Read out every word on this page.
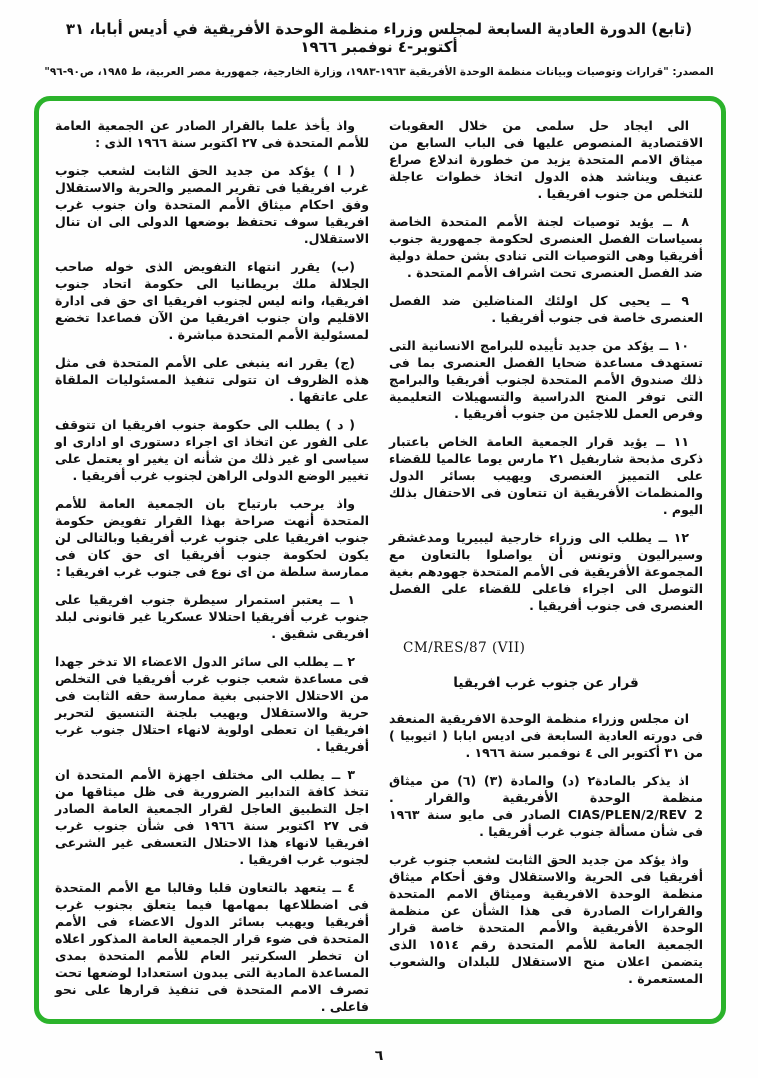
(تابع) الدورة العادية السابعة لمجلس وزراء منظمة الوحدة الأفريقية في أديس أبابا، ٣١ أكتوبر-٤ نوفمبر ١٩٦٦
المصدر: "قرارات وتوصيات وبيانات منظمة الوحدة الأفريقية ١٩٦٣-١٩٨٣، وزارة الخارجية، جمهورية مصر العربية، ط ١٩٨٥، ص٩٠-٩٦"

الى ايجاد حل سلمى من خلال العقوبات الاقتصادية المنصوص عليها فى الباب السابع من ميثاق الامم المتحدة يزيد من خطورة اندلاع صراع عنيف ويناشد هذه الدول اتخاذ خطوات عاجلة للتخلص من جنوب افريقيا .

٨ ــ يؤيد توصيات لجنة الأمم المتحدة الخاصة بسياسات الفصل العنصرى لحكومة جمهورية جنوب أفريقيا وهى التوصيات التى تنادى بشن حملة دولية ضد الفصل العنصرى تحت اشراف الأمم المتحدة .

٩ ــ يحيى كل اولئك المناضلين ضد الفصل العنصرى خاصة فى جنوب أفريقيا .

١٠ ــ يؤكد من جديد تأييده للبرامج الانسانية التى تستهدف مساعدة ضحايا الفصل العنصرى بما فى ذلك صندوق الأمم المتحدة لجنوب أفريقيا والبرامج التى توفر المنح الدراسية والتسهيلات التعليمية وفرص العمل للاجئين من جنوب أفريقيا .

١١ ــ يؤيد قرار الجمعية العامة الخاص باعتبار ذكرى مذبحة شاربفيل ٢١ مارس يوما عالميا للقضاء على التمييز العنصرى ويهيب بسائر الدول والمنظمات الأفريقية ان تتعاون فى الاحتفال بذلك اليوم .

١٢ ــ يطلب الى وزراء خارجية ليبيريا ومدغشقر وسيراليون وتونس أن يواصلوا بالتعاون مع المجموعة الأفريقية فى الأمم المتحدة جهودهم بغية التوصل الى اجراء فاعلى للقضاء على الفصل العنصرى فى جنوب أفريقيا .

CM/RES/87 (VII)

قرار عن جنوب غرب افريقيا

ان مجلس وزراء منظمة الوحدة الافريقية المنعقد فى دورته العادية السابعة فى اديس ابابا ( اثيوبيا ) من ٣١ أكتوبر الى ٤ نوفمبر سنة ١٩٦٦ .

اذ يذكر بالمادة٢ (د) والمادة (٣) (٦) من ميثاق منظمة الوحدة الأفريقية والقرار . CIAS/PLEN/2/REV 2 الصادر فى مايو سنة ١٩٦٣ فى شأن مسألة جنوب غرب أفريقيا .

واذ يؤكد من جديد الحق الثابت لشعب جنوب غرب أفريقيا فى الحرية والاستقلال وفق أحكام ميثاق منظمة الوحدة الافريقية وميثاق الامم المتحدة والقرارات الصادرة فى هذا الشأن عن منظمة الوحدة الأفريقية والأمم المتحدة خاصة قرار الجمعية العامة للأمم المتحدة رقم ١٥١٤ الذى يتضمن اعلان منح الاستقلال للبلدان والشعوب المستعمرة .

واذ يأخذ علما بالقرار الصادر عن الجمعية العامة للأمم المتحدة فى ٢٧ اكتوبر سنة ١٩٦٦ الذى :

( ا ) يؤكد من جديد الحق الثابت لشعب جنوب غرب افريقيا فى تقرير المصير والحرية والاستقلال وفق احكام ميثاق الأمم المتحدة وان جنوب غرب افريقيا سوف تحتفظ بوضعها الدولى الى ان تنال الاستقلال.

(ب) يقرر انتهاء التفويض الذى خوله صاحب الجلالة ملك بريطانيا الى حكومة اتحاد جنوب افريقيا، وانه ليس لجنوب افريقيا اى حق فى ادارة الاقليم وان جنوب افريقيا من الآن فصاعدا تخضع لمسئولية الأمم المتحدة مباشرة .

(ج) يقرر انه ينبغى على الأمم المتحدة فى مثل هذه الظروف ان تتولى تنفيذ المسئوليات الملقاة على عاتقها .

( د ) يطلب الى حكومة جنوب افريقيا ان تتوقف على الفور عن اتخاذ اى اجراء دستورى او ادارى او سياسى او غير ذلك من شأنه ان يغير او يعتمل على تغيير الوضع الدولى الراهن لجنوب غرب أفريقيا .

واذ يرحب بارتياح بان الجمعية العامة للأمم المتحدة أنهت صراحة بهذا القرار تفويض حكومة جنوب افريقيا على جنوب غرب أفريقيا وبالتالى لن يكون لحكومة جنوب أفريقيا اى حق كان فى ممارسة سلطة من اى نوع فى جنوب غرب افريقيا :

١ ــ يعتبر استمرار سيطرة جنوب افريقيا على جنوب غرب أفريقيا احتلالا عسكريا غير قانونى لبلد افريقى شقيق .

٢ ــ يطلب الى سائر الدول الاعضاء الا تدخر جهدا فى مساعدة شعب جنوب غرب أفريقيا فى التخلص من الاحتلال الاجنبى بغية ممارسة حقه الثابت فى حرية والاستقلال ويهيب بلجنة التنسيق لتحرير افريقيا ان تعطى اولوية لانهاء احتلال جنوب غرب أفريقيا .

٣ ــ يطلب الى مختلف اجهزة الأمم المتحدة ان تتخذ كافة التدابير الضرورية فى ظل ميثاقها من اجل التطبيق العاجل لقرار الجمعية العامة الصادر فى ٢٧ اكتوبر سنة ١٩٦٦ فى شأن جنوب غرب افريقيا لانهاء هذا الاحتلال التعسفى غير الشرعى لجنوب غرب افريقيا .

٤ ــ يتعهد بالتعاون قلبا وقالبا مع الأمم المتحدة فى اضطلاعها بمهامها فيما يتعلق بجنوب غرب أفريقيا ويهيب بسائر الدول الاعضاء فى الأمم المتحدة فى ضوء قرار الجمعية العامة المذكور اعلاه ان تخطر السكرتير العام للأمم المتحدة بمدى المساعدة المادية التى يبدون استعدادا لوضعها تحت تصرف الامم المتحدة فى تنفيذ قرارها على نحو فاعلى .

٦
